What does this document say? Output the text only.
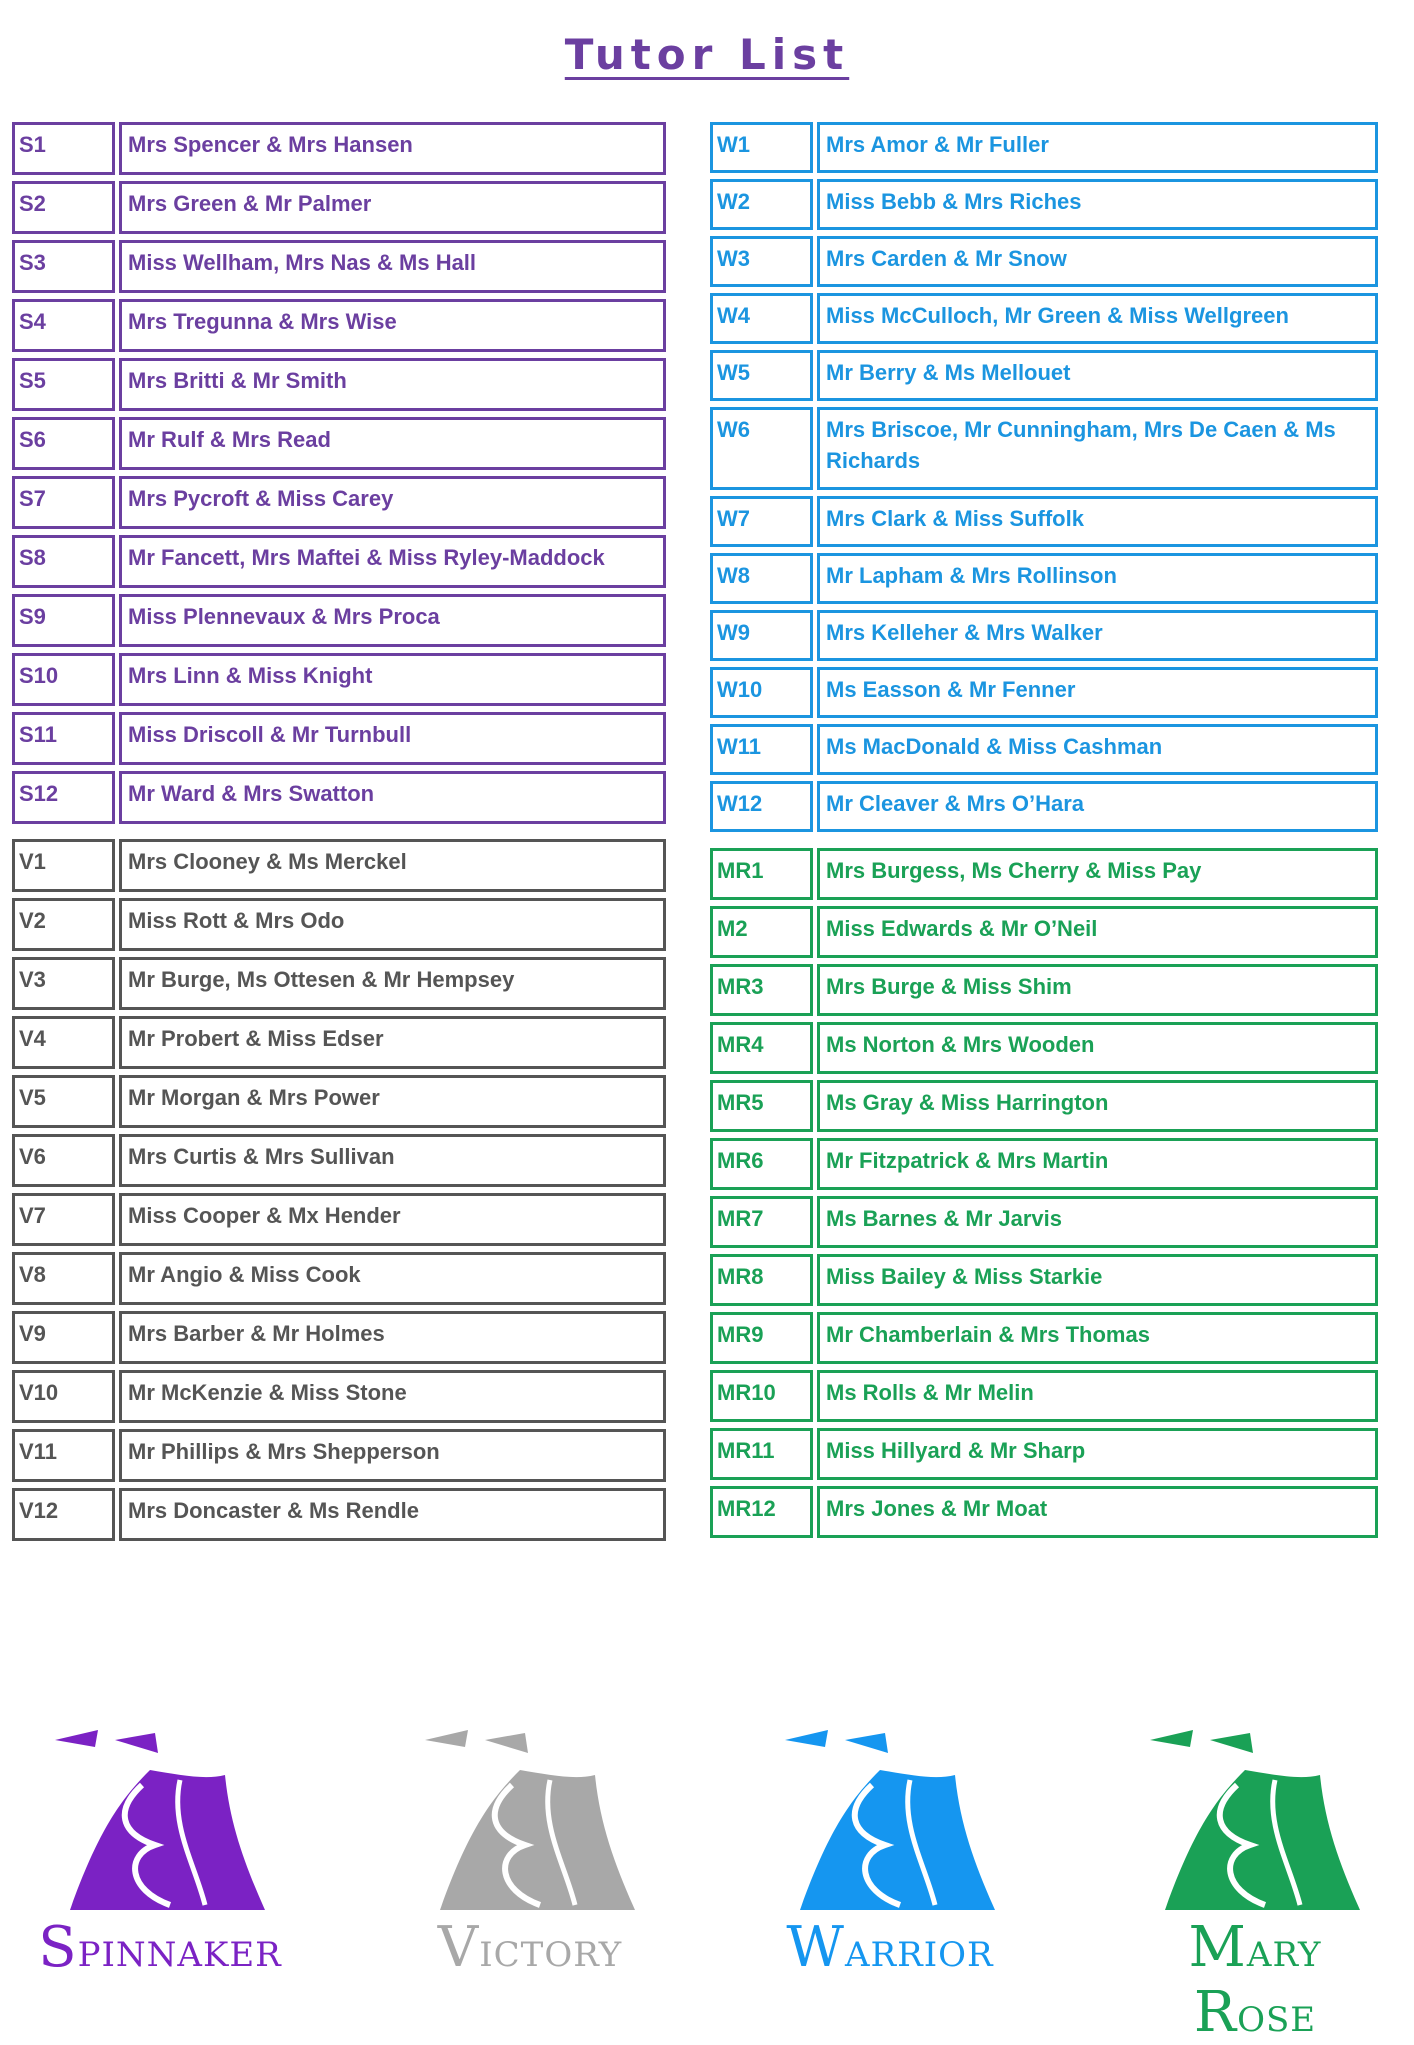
Tutor List
S1	Mrs Spencer & Mrs Hansen
S2	Mrs Green & Mr Palmer
S3	Miss Wellham, Mrs Nas & Ms Hall
S4	Mrs Tregunna & Mrs Wise
S5	Mrs Britti & Mr Smith
S6	Mr Rulf & Mrs Read
S7	Mrs Pycroft & Miss Carey
S8	Mr Fancett, Mrs Maftei & Miss Ryley-Maddock
S9	Miss Plennevaux & Mrs Proca
S10	Mrs Linn & Miss Knight
S11	Miss Driscoll & Mr Turnbull
S12	Mr Ward & Mrs Swatton
V1	Mrs Clooney & Ms Merckel
V2	Miss Rott & Mrs Odo
V3	Mr Burge, Ms Ottesen & Mr Hempsey
V4	Mr Probert & Miss Edser
V5	Mr Morgan & Mrs Power
V6	Mrs Curtis & Mrs Sullivan
V7	Miss Cooper & Mx Hender
V8	Mr Angio & Miss Cook
V9	Mrs Barber & Mr Holmes
V10	Mr McKenzie & Miss Stone
V11	Mr Phillips & Mrs Shepperson
V12	Mrs Doncaster & Ms Rendle
W1	Mrs Amor & Mr Fuller
W2	Miss Bebb & Mrs Riches
W3	Mrs Carden & Mr Snow
W4	Miss McCulloch, Mr Green & Miss Wellgreen
W5	Mr Berry & Ms Mellouet
W6	Mrs Briscoe, Mr Cunningham, Mrs De Caen & Ms Richards
W7	Mrs Clark & Miss Suffolk
W8	Mr Lapham & Mrs Rollinson
W9	Mrs Kelleher & Mrs Walker
W10	Ms Easson & Mr Fenner
W11	Ms MacDonald & Miss Cashman
W12	Mr Cleaver & Mrs O’Hara
MR1	Mrs Burgess, Ms Cherry & Miss Pay
M2	Miss Edwards & Mr O’Neil
MR3	Mrs Burge & Miss Shim
MR4	Ms Norton & Mrs Wooden
MR5	Ms Gray & Miss Harrington
MR6	Mr Fitzpatrick & Mrs Martin
MR7	Ms Barnes & Mr Jarvis
MR8	Miss Bailey & Miss Starkie
MR9	Mr Chamberlain & Mrs Thomas
MR10	Ms Rolls & Mr Melin
MR11	Miss Hillyard & Mr Sharp
MR12	Mrs Jones & Mr Moat
SPINNAKER	VICTORY	WARRIOR	MARY ROSE
